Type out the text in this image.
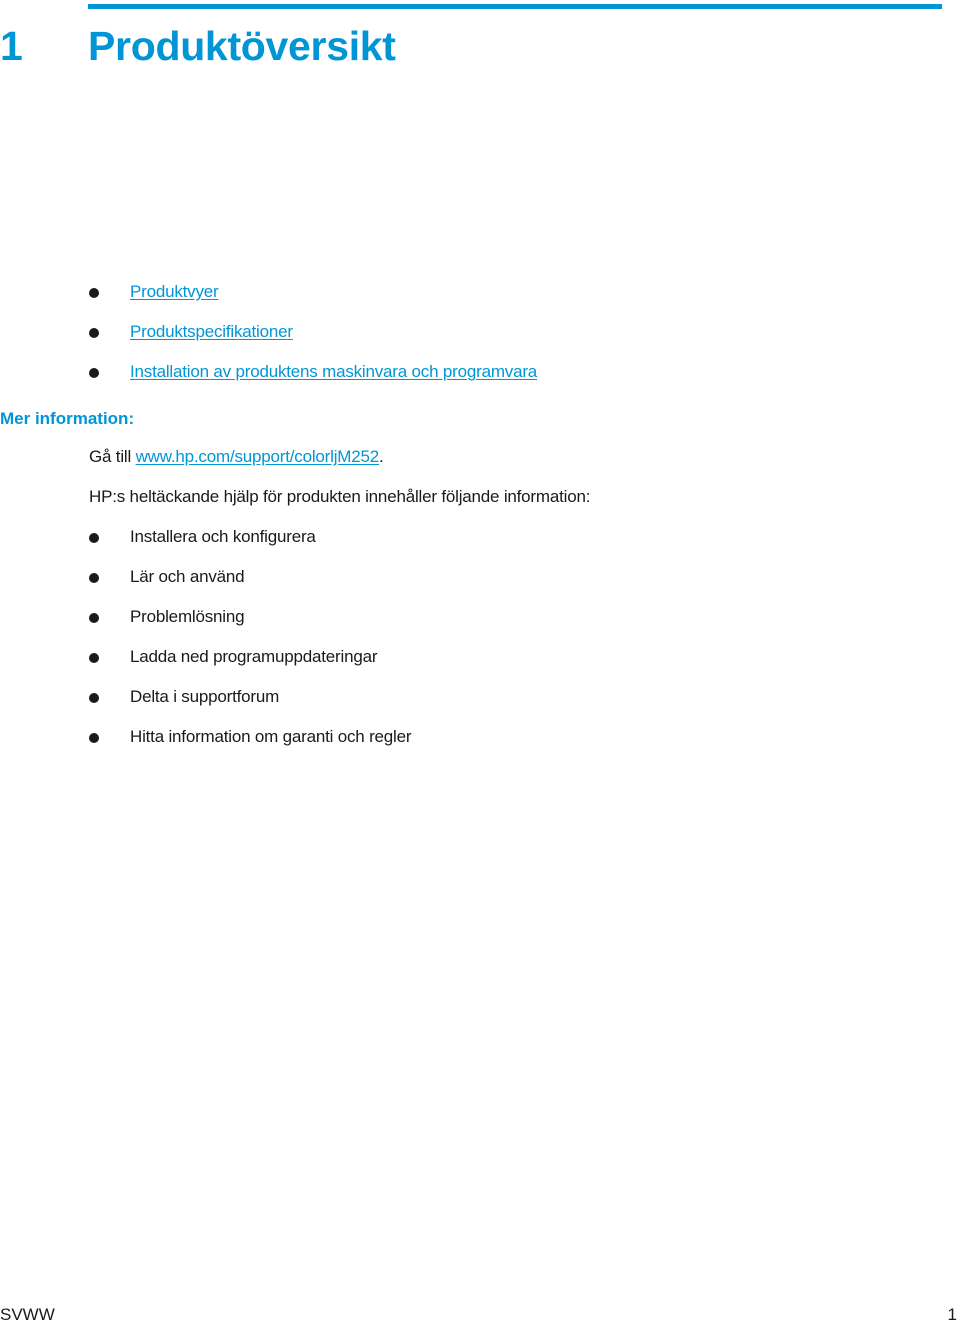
1 Produktöversikt
Produktvyer
Produktspecifikationer
Installation av produktens maskinvara och programvara
Mer information:
Gå till www.hp.com/support/colorljM252.
HP:s heltäckande hjälp för produkten innehåller följande information:
Installera och konfigurera
Lär och använd
Problemlösning
Ladda ned programuppdateringar
Delta i supportforum
Hitta information om garanti och regler
SVWW	1
